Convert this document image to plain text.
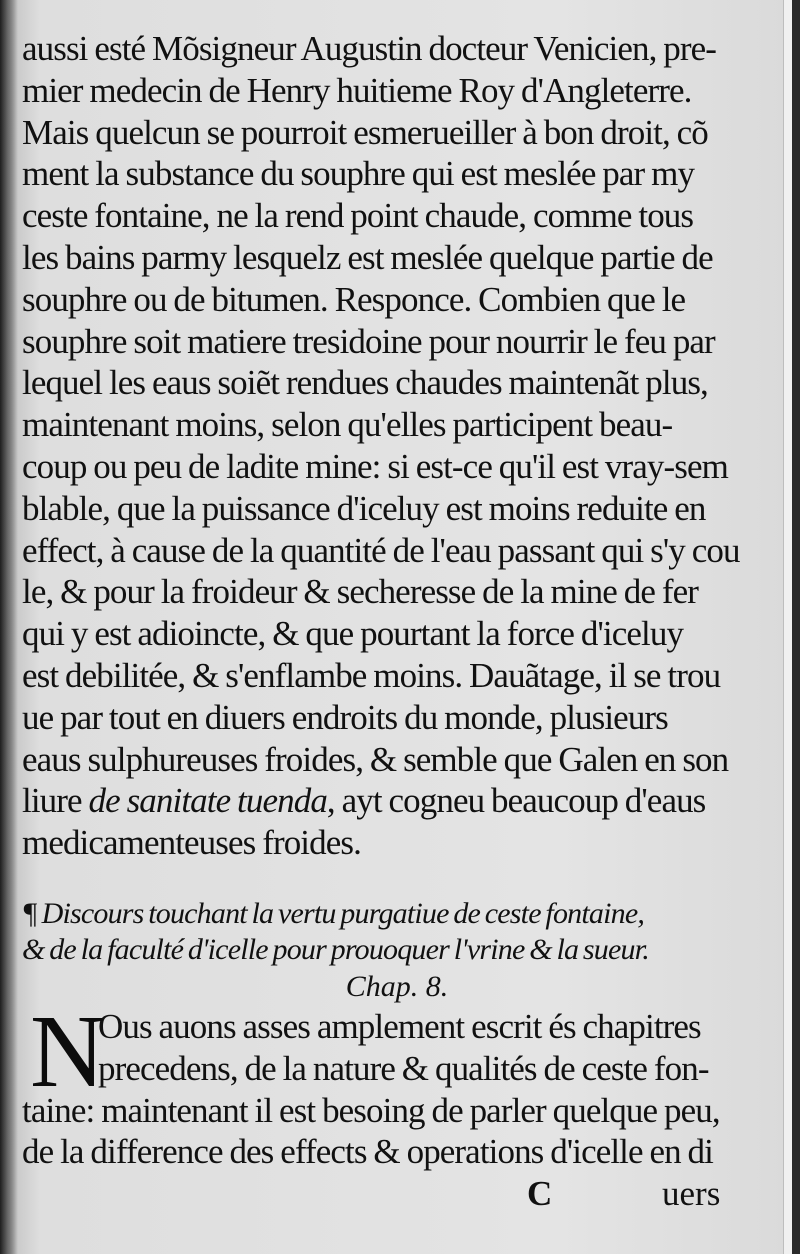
aussi esté Mõsigneur Augustin docteur Venicien, pre-
mier medecin de Henry huitieme Roy d'Angleterre.
Mais quelcun se pourroit esmerueiller à bon droit, cõ
ment la substance du souphre qui est meslée par my
ceste fontaine, ne la rend point chaude, comme tous
les bains parmy lesquelz est meslée quelque partie de
souphre ou de bitumen. Responce. Combien que le
souphre soit matiere tresidoine pour nourrir le feu par
lequel les eaus soiẽt rendues chaudes maintenãt plus,
maintenant moins, selon qu'elles participent beau-
coup ou peu de ladite mine: si est-ce qu'il est vray-sem
blable, que la puissance d'iceluy est moins reduite en
effect, à cause de la quantité de l'eau passant qui s'y cou
le, & pour la froideur & secheresse de la mine de fer
qui y est adioincte, & que pourtant la force d'iceluy
est debilitée, & s'enflambe moins. Dauãtage, il se trou
ue par tout en diuers endroits du monde, plusieurs
eaus sulphureuses froides, & semble que Galen en son
liure de sanitate tuenda, ayt cogneu beaucoup d'eaus
medicamenteuses froides.
¶ Discours touchant la vertu purgatiue de ceste fontaine,
& de la faculté d'icelle pour prouoquer l'vrine & la sueur.
Chap. 8.
N
Ous auons asses amplement escrit és chapitres
precedens, de la nature & qualités de ceste fon-
taine: maintenant il est besoing de parler quelque peu,
de la difference des effects & operations d'icelle en di
C	uers
